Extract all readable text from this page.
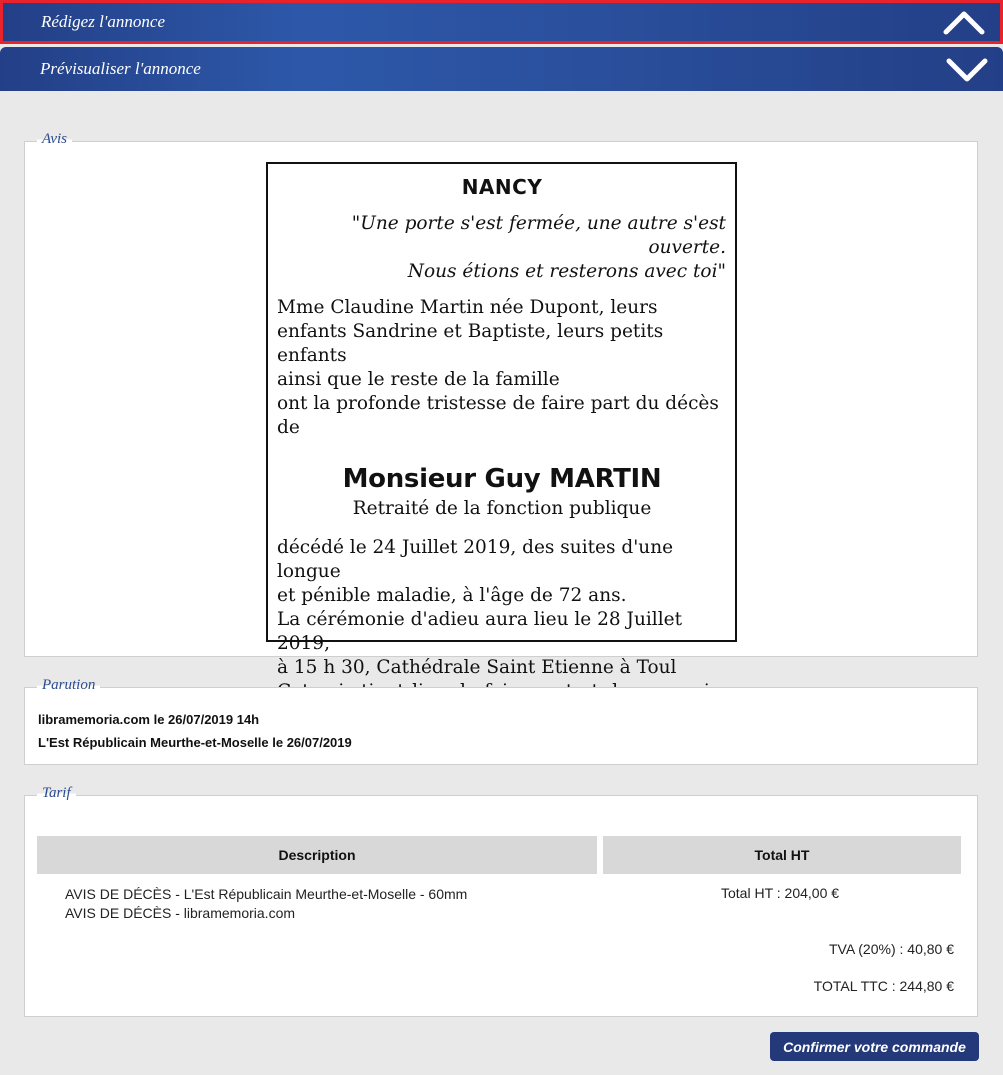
Rédigez l'annonce
Prévisualiser l'annonce
Avis
NANCY
"Une porte s'est fermée, une autre s'est ouverte.
Nous étions et resterons avec toi"
Mme Claudine Martin née Dupont, leurs
enfants Sandrine et Baptiste, leurs petits enfants
ainsi que le reste de la famille
ont la profonde tristesse de faire part du décès
de
Monsieur Guy MARTIN
Retraité de la fonction publique
décédé le 24 Juillet 2019, des suites d'une longue
et pénible maladie, à l'âge de 72 ans.
La cérémonie d'adieu aura lieu le 28 Juillet 2019,
à 15 h 30, Cathédrale Saint Etienne à Toul
Parution
libramemoria.com le 26/07/2019 14h
L'Est Républicain Meurthe-et-Moselle le 26/07/2019
Tarif
Description	Total HT
AVIS DE DÉCÈS - L'Est Républicain Meurthe-et-Moselle - 60mm
AVIS DE DÉCÈS - libramemoria.com
Total HT : 204,00 €
TVA (20%) : 40,80 €
TOTAL TTC : 244,80 €
Confirmer votre commande
